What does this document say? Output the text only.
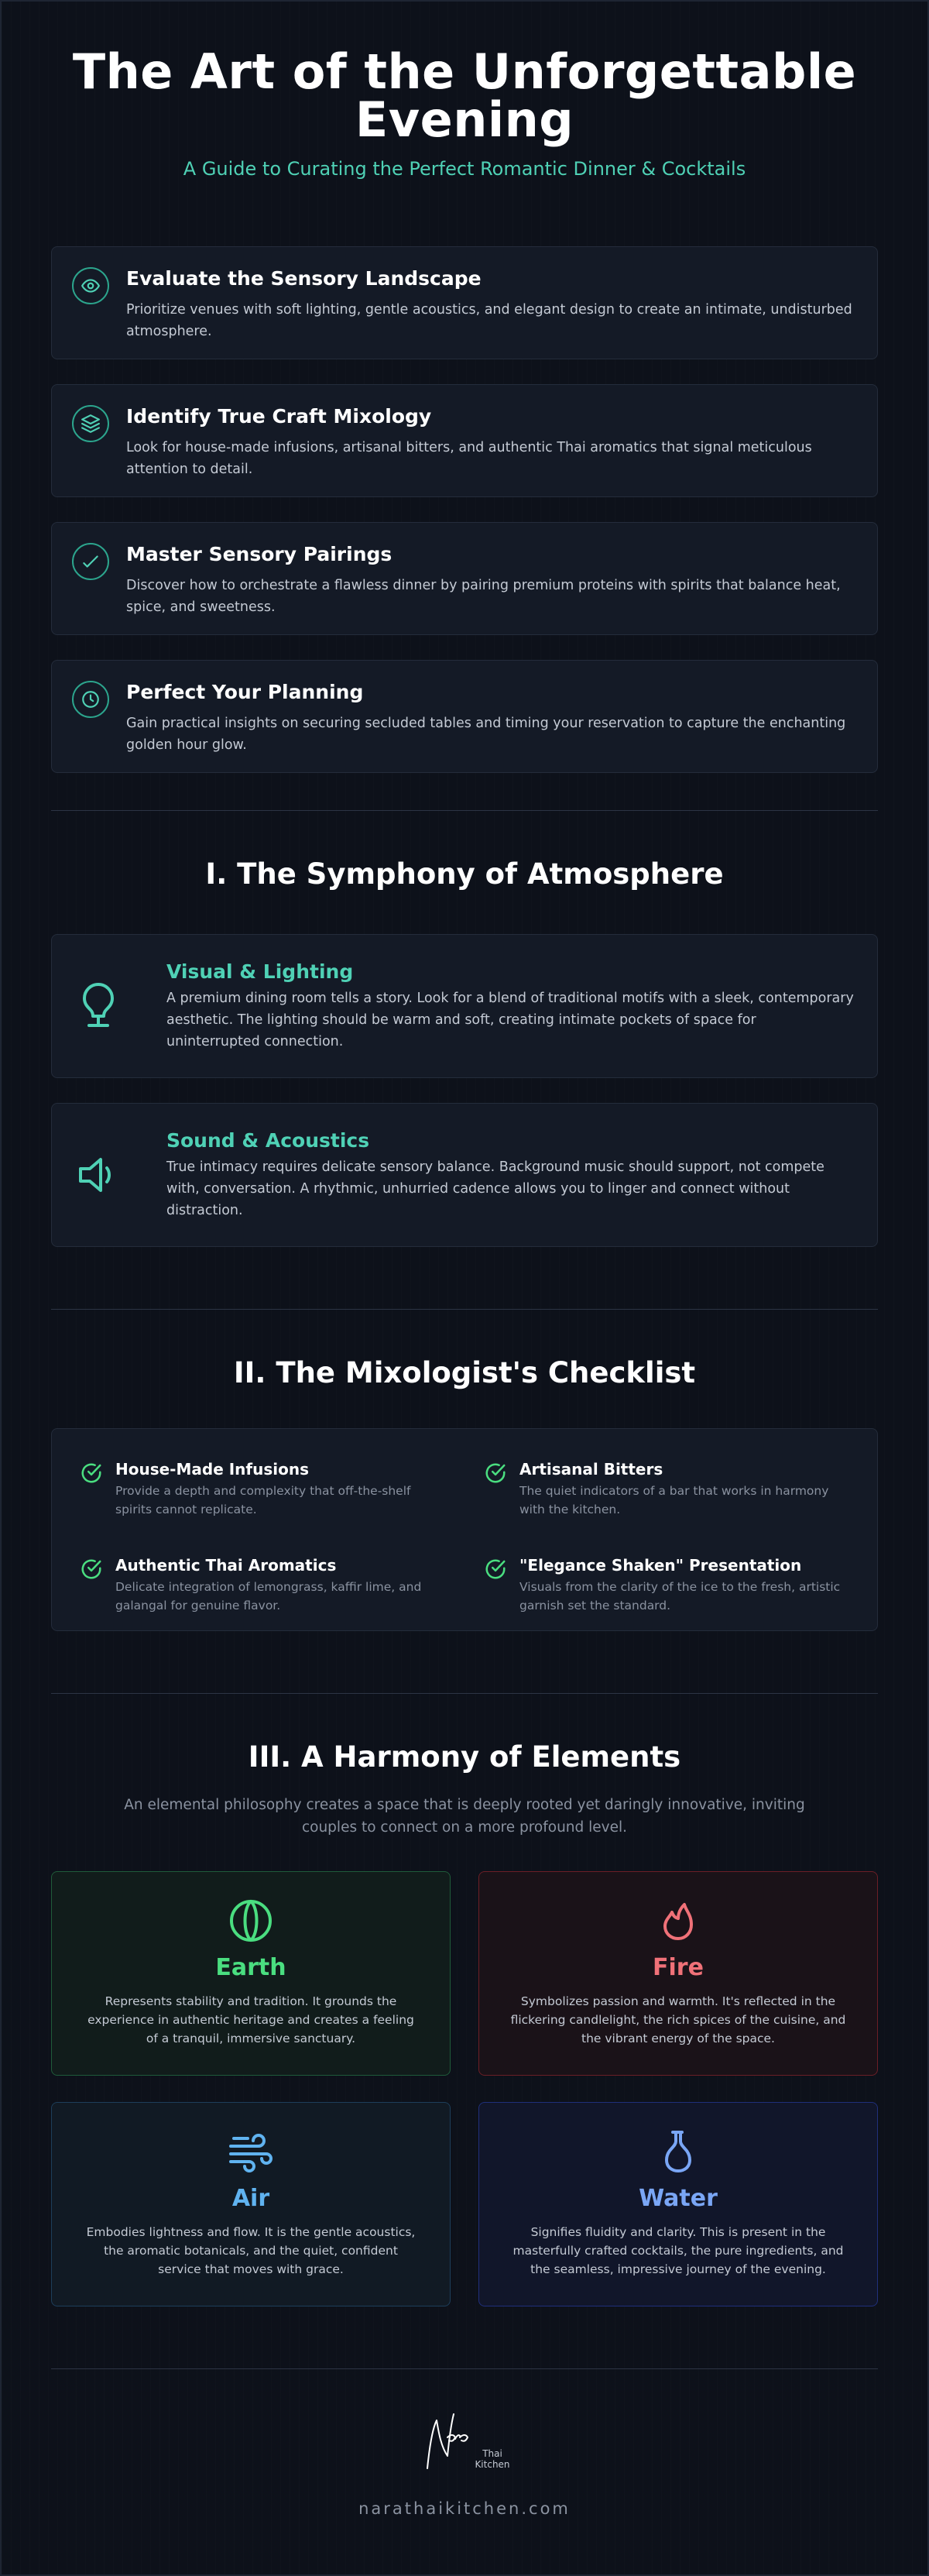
The Art of the Unforgettable Evening
A Guide to Curating the Perfect Romantic Dinner & Cocktails
Evaluate the Sensory Landscape

Prioritize venues with soft lighting, gentle acoustics, and elegant design to create an intimate, undisturbed atmosphere.

Identify True Craft Mixology

Look for house-made infusions, artisanal bitters, and authentic Thai aromatics that signal meticulous attention to detail.

Master Sensory Pairings

Discover how to orchestrate a flawless dinner by pairing premium proteins with spirits that balance heat, spice, and sweetness.

Perfect Your Planning

Gain practical insights on securing secluded tables and timing your reservation to capture the enchanting golden hour glow.

I. The Symphony of Atmosphere
Visual & Lighting

A premium dining room tells a story. Look for a blend of traditional motifs with a sleek, contemporary aesthetic. The lighting should be warm and soft, creating intimate pockets of space for uninterrupted connection.

Sound & Acoustics

True intimacy requires delicate sensory balance. Background music should support, not compete with, conversation. A rhythmic, unhurried cadence allows you to linger and connect without distraction.

II. The Mixologist's Checklist
House-Made Infusions

Provide a depth and complexity that off-the-shelf spirits cannot replicate.

Artisanal Bitters

The quiet indicators of a bar that works in harmony with the kitchen.

Authentic Thai Aromatics

Delicate integration of lemongrass, kaffir lime, and galangal for genuine flavor.

"Elegance Shaken" Presentation

Visuals from the clarity of the ice to the fresh, artistic garnish set the standard.

III. A Harmony of Elements

An elemental philosophy creates a space that is deeply rooted yet daringly innovative, inviting couples to connect on a more profound level.

Earth

Represents stability and tradition. It grounds the experience in authentic heritage and creates a feeling of a tranquil, immersive sanctuary.

Fire

Symbolizes passion and warmth. It's reflected in the flickering candlelight, the rich spices of the cuisine, and the vibrant energy of the space.

Air

Embodies lightness and flow. It is the gentle acoustics, the aromatic botanicals, and the quiet, confident service that moves with grace.

Water

Signifies fluidity and clarity. This is present in the masterfully crafted cocktails, the pure ingredients, and the seamless, impressive journey of the evening.

Thai Kitchen
narathaikitchen.com
